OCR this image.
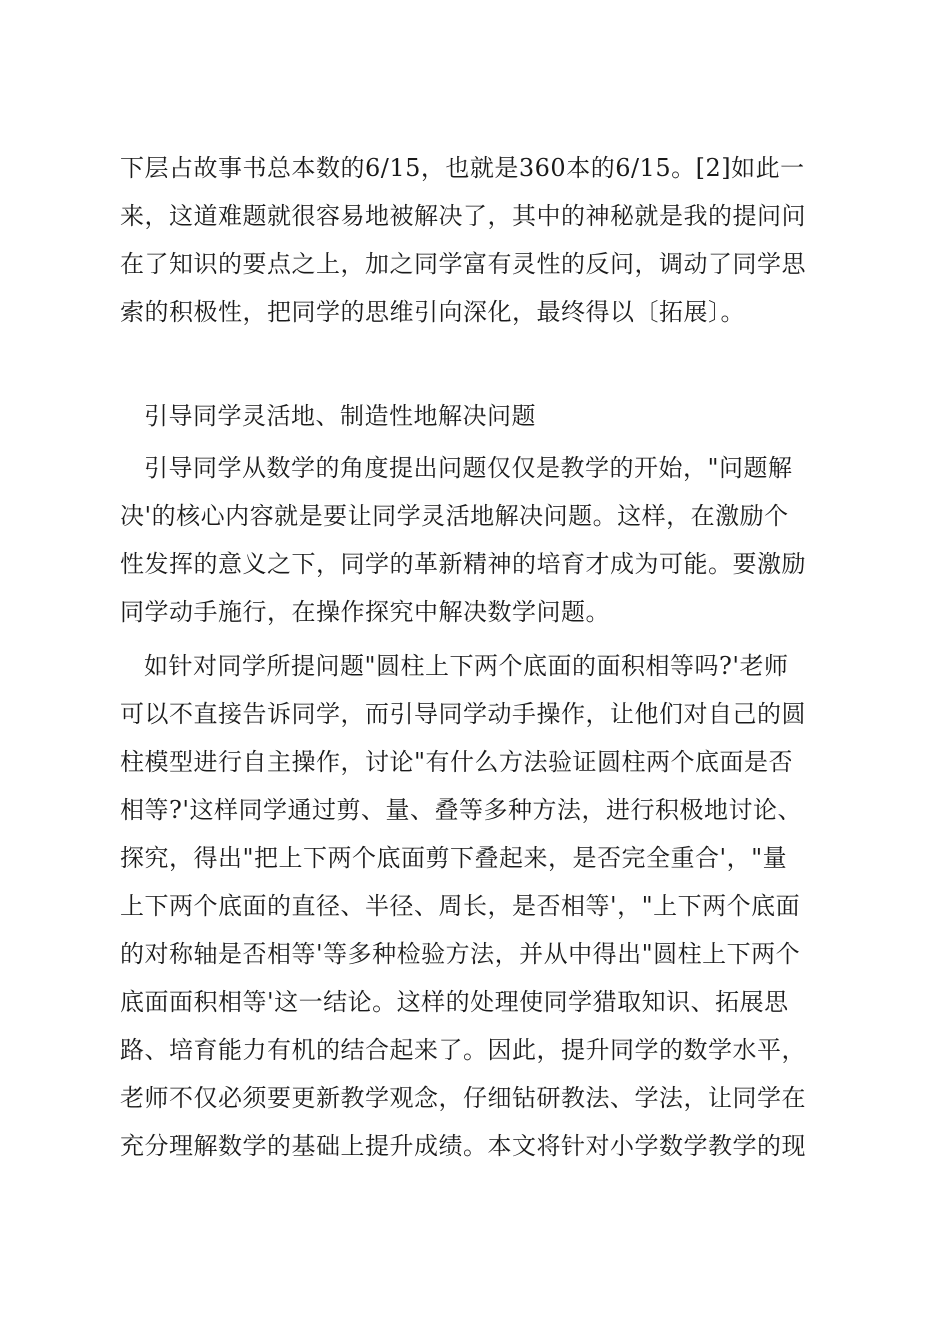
下层占故事书总本数的6/15，也就是360本的6/15。[2]如此一
来，这道难题就很容易地被解决了，其中的神秘就是我的提问问
在了知识的要点之上，加之同学富有灵性的反问，调动了同学思
索的积极性，把同学的思维引向深化，最终得以〔拓展〕。
引导同学灵活地、制造性地解决问题
引导同学从数学的角度提出问题仅仅是教学的开始，"问题解
决'的核心内容就是要让同学灵活地解决问题。这样，在激励个
性发挥的意义之下，同学的革新精神的培育才成为可能。要激励
同学动手施行，在操作探究中解决数学问题。
如针对同学所提问题"圆柱上下两个底面的面积相等吗?'老师
可以不直接告诉同学，而引导同学动手操作，让他们对自己的圆
柱模型进行自主操作，讨论"有什么方法验证圆柱两个底面是否
相等?'这样同学通过剪、量、叠等多种方法，进行积极地讨论、
探究，得出"把上下两个底面剪下叠起来，是否完全重合'，"量
上下两个底面的直径、半径、周长，是否相等'，"上下两个底面
的对称轴是否相等'等多种检验方法，并从中得出"圆柱上下两个
底面面积相等'这一结论。这样的处理使同学猎取知识、拓展思
路、培育能力有机的结合起来了。因此，提升同学的数学水平，
老师不仅必须要更新教学观念，仔细钻研教法、学法，让同学在
充分理解数学的基础上提升成绩。本文将针对小学数学教学的现
